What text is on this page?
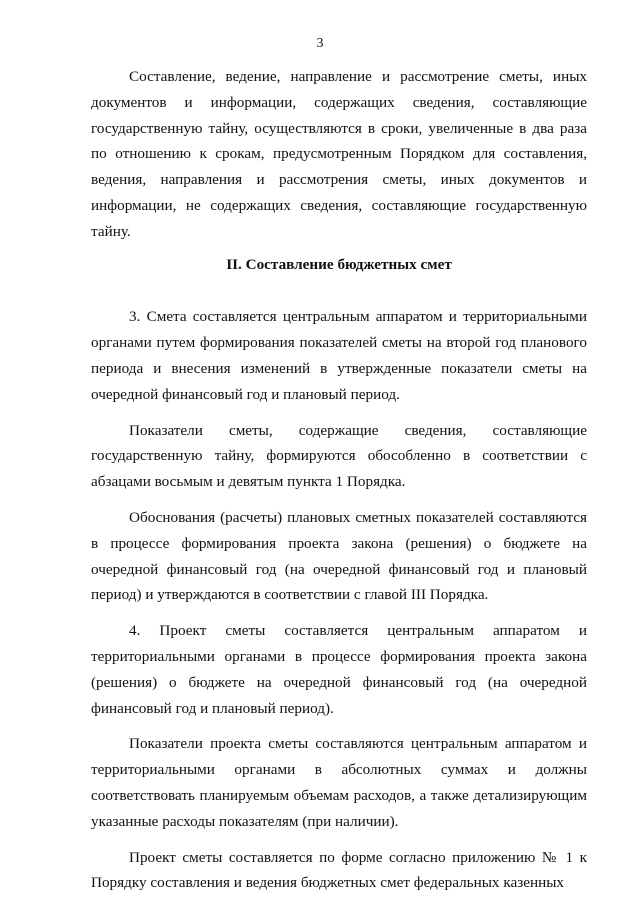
3

Составление, ведение, направление и рассмотрение сметы, иных документов и информации, содержащих сведения, составляющие государственную тайну, осуществляются в сроки, увеличенные в два раза по отношению к срокам, предусмотренным Порядком для составления, ведения, направления и рассмотрения сметы, иных документов и информации, не содержащих сведения, составляющие государственную тайну.

II. Составление бюджетных смет

3. Смета составляется центральным аппаратом и территориальными органами путем формирования показателей сметы на второй год планового периода и внесения изменений в утвержденные показатели сметы на очередной финансовый год и плановый период.

Показатели сметы, содержащие сведения, составляющие государственную тайну, формируются обособленно в соответствии с абзацами восьмым и девятым пункта 1 Порядка.

Обоснования (расчеты) плановых сметных показателей составляются в процессе формирования проекта закона (решения) о бюджете на очередной финансовый год (на очередной финансовый год и плановый период) и утверждаются в соответствии с главой III Порядка.

4. Проект сметы составляется центральным аппаратом и территориальными органами в процессе формирования проекта закона (решения) о бюджете на очередной финансовый год (на очередной финансовый год и плановый период).

Показатели проекта сметы составляются центральным аппаратом и территориальными органами в абсолютных суммах и должны соответствовать планируемым объемам расходов, а также детализирующим указанные расходы показателям (при наличии).

Проект сметы составляется по форме согласно приложению № 1 к Порядку составления и ведения бюджетных смет федеральных казенных
